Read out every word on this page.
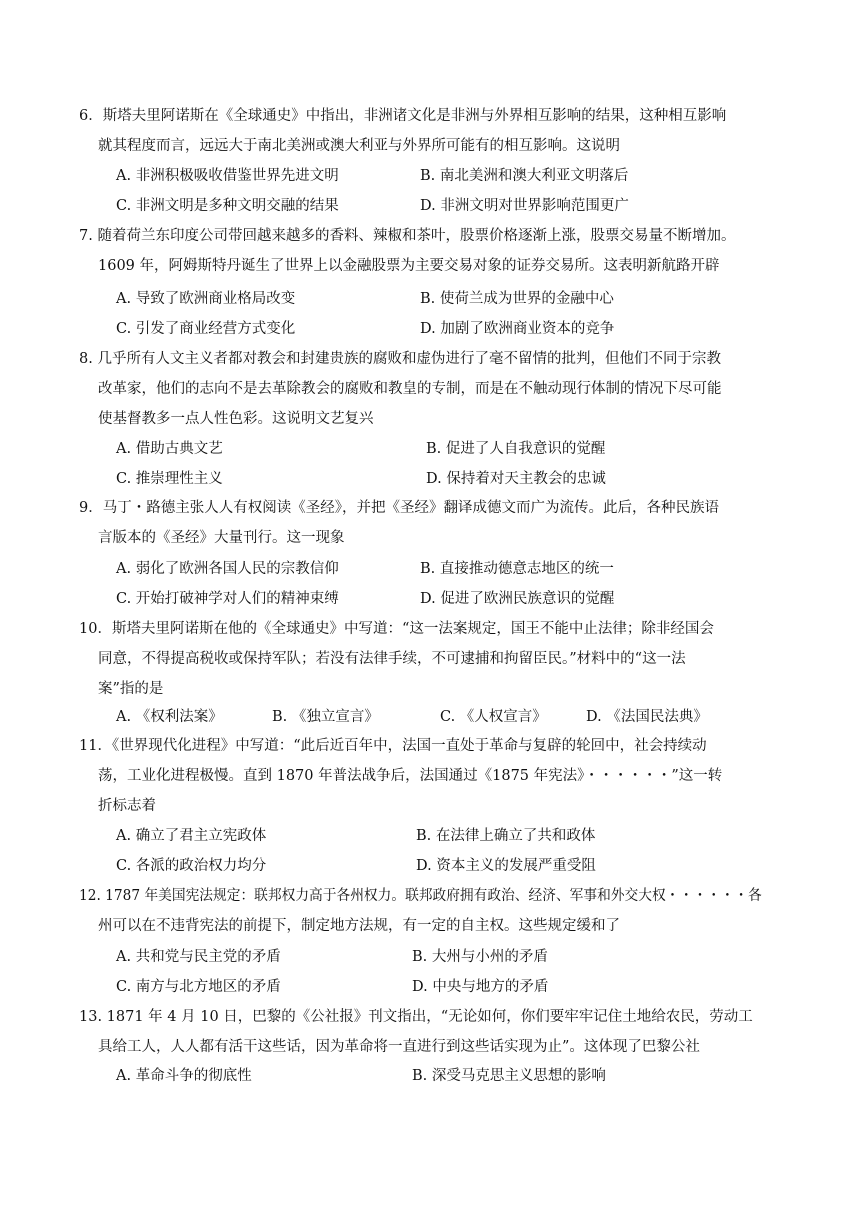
6．斯塔夫里阿诺斯在《全球通史》中指出，非洲诸文化是非洲与外界相互影响的结果，这种相互影响
就其程度而言，远远大于南北美洲或澳大利亚与外界所可能有的相互影响。这说明
A. 非洲积极吸收借鉴世界先进文明	B. 南北美洲和澳大利亚文明落后
C. 非洲文明是多种文明交融的结果	D. 非洲文明对世界影响范围更广
7. 随着荷兰东印度公司带回越来越多的香料、辣椒和茶叶，股票价格逐渐上涨，股票交易量不断增加。
1609 年，阿姆斯特丹诞生了世界上以金融股票为主要交易对象的证券交易所。这表明新航路开辟
A. 导致了欧洲商业格局改变	B. 使荷兰成为世界的金融中心
C. 引发了商业经营方式变化	D. 加剧了欧洲商业资本的竞争
8. 几乎所有人文主义者都对教会和封建贵族的腐败和虚伪进行了毫不留情的批判，但他们不同于宗教
改革家，他们的志向不是去革除教会的腐败和教皇的专制，而是在不触动现行体制的情况下尽可能
使基督教多一点人性色彩。这说明文艺复兴
A. 借助古典文艺	B. 促进了人自我意识的觉醒
C. 推崇理性主义	D. 保持着对天主教会的忠诚
9．马丁・路德主张人人有权阅读《圣经》，并把《圣经》翻译成德文而广为流传。此后，各种民族语
言版本的《圣经》大量刊行。这一现象
A. 弱化了欧洲各国人民的宗教信仰	B. 直接推动德意志地区的统一
C. 开始打破神学对人们的精神束缚	D. 促进了欧洲民族意识的觉醒
10．斯塔夫里阿诺斯在他的《全球通史》中写道：“这一法案规定，国王不能中止法律；除非经国会
同意，不得提高税收或保持军队；若没有法律手续，不可逮捕和拘留臣民。”材料中的“这一法
案”指的是
A. 《权利法案》	B. 《独立宣言》	C. 《人权宣言》	D. 《法国民法典》
11．《世界现代化进程》中写道：“此后近百年中，法国一直处于革命与复辟的轮回中，社会持续动
荡，工业化进程极慢。直到 1870 年普法战争后，法国通过《1875 年宪法》・・・・・・”这一转
折标志着
A. 确立了君主立宪政体	B. 在法律上确立了共和政体
C. 各派的政治权力均分	D. 资本主义的发展严重受阻
12. 1787 年美国宪法规定：联邦权力高于各州权力。联邦政府拥有政治、经济、军事和外交大权・・・・・・各
州可以在不违背宪法的前提下，制定地方法规，有一定的自主权。这些规定缓和了
A. 共和党与民主党的矛盾	B. 大州与小州的矛盾
C. 南方与北方地区的矛盾	D. 中央与地方的矛盾
13. 1871 年 4 月 10 日，巴黎的《公社报》刊文指出，“无论如何，你们要牢牢记住土地给农民，劳动工
具给工人，人人都有活干这些话，因为革命将一直进行到这些话实现为止”。这体现了巴黎公社
A. 革命斗争的彻底性	B. 深受马克思主义思想的影响
